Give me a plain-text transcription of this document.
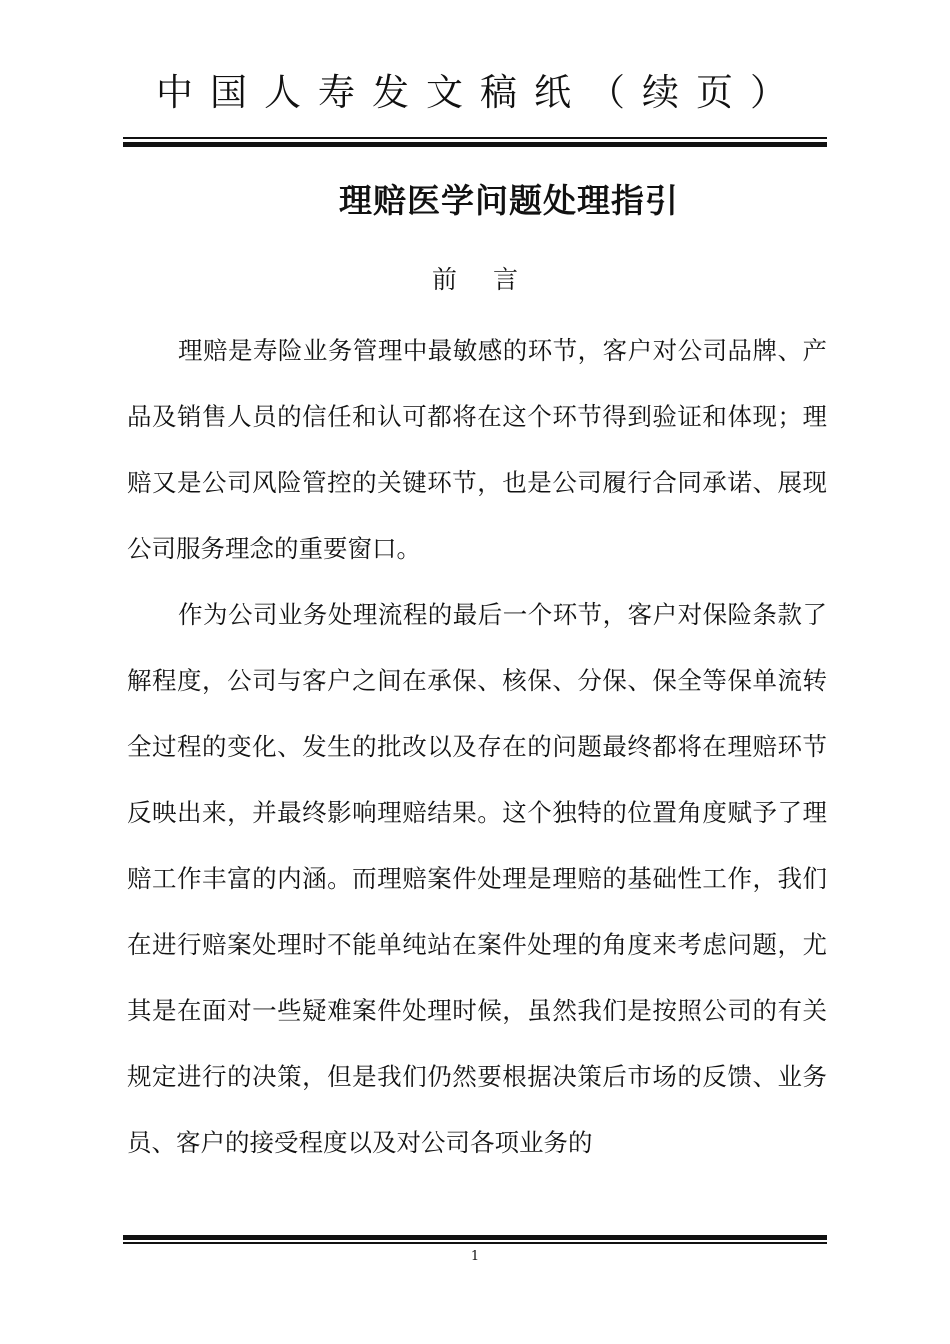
中国人寿发文稿纸（续页）
理赔医学问题处理指引
前 言

理赔是寿险业务管理中最敏感的环节，客户对公司品牌、产品及销售人员的信任和认可都将在这个环节得到验证和体现；理赔又是公司风险管控的关键环节，也是公司履行合同承诺、展现公司服务理念的重要窗口。

作为公司业务处理流程的最后一个环节，客户对保险条款了解程度，公司与客户之间在承保、核保、分保、保全等保单流转全过程的变化、发生的批改以及存在的问题最终都将在理赔环节反映出来，并最终影响理赔结果。这个独特的位置角度赋予了理赔工作丰富的内涵。而理赔案件处理是理赔的基础性工作，我们在进行赔案处理时不能单纯站在案件处理的角度来考虑问题，尤其是在面对一些疑难案件处理时候，虽然我们是按照公司的有关规定进行的决策，但是我们仍然要根据决策后市场的反馈、业务员、客户的接受程度以及对公司各项业务的

1
